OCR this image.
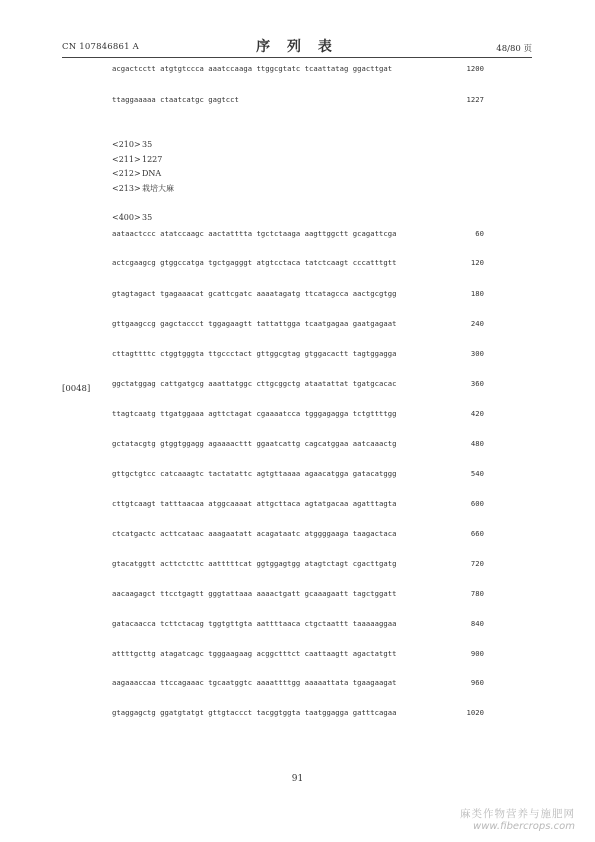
CN 107846861 A	序 列 表	48/80 页
acgactcctt atgtgtccca aaatccaaga ttggcgtatc tcaattatag ggacttgat	1200
ttaggaaaaa ctaatcatgc gagtcct	1227
<210>35
<211>1227
<212>DNA
<213>栽培大麻
<400>35
aataactccc atatccaagc aactatttta tgctctaaga aagttggctt gcagattcga	60
actcgaagcg gtggccatga tgctgagggt atgtcctaca tatctcaagt cccatttgtt	120
gtagtagact tgagaaacat gcattcgatc aaaatagatg ttcatagcca aactgcgtgg	180
gttgaagccg gagctaccct tggagaagtt tattattgga tcaatgagaa gaatgagaat	240
cttagttttc ctggtgggta ttgccctact gttggcgtag gtggacactt tagtggagga	300
ggctatggag cattgatgcg aaattatggc cttgcggctg ataatattat tgatgcacac	360
ttagtcaatg ttgatggaaa agttctagat cgaaaatcca tgggagagga tctgttttgg	420
gctatacgtg gtggtggagg agaaaacttt ggaatcattg cagcatggaa aatcaaactg	480
gttgctgtcc catcaaagtc tactatattc agtgttaaaa agaacatgga gatacatggg	540
cttgtcaagt tatttaacaa atggcaaaat attgcttaca agtatgacaa agatttagta	600
ctcatgactc acttcataac aaagaatatt acagataatc atggggaaga taagactaca	660
gtacatggtt acttctcttc aatttttcat ggtggagtgg atagtctagt cgacttgatg	720
aacaagagct ttcctgagtt gggtattaaa aaaactgatt gcaaagaatt tagctggatt	780
gatacaacca tcttctacag tggtgttgta aattttaaca ctgctaattt taaaaaggaa	840
attttgcttg atagatcagc tgggaagaag acggctttct caattaagtt agactatgtt	900
aagaaaccaa ttccagaaac tgcaatggtc aaaattttgg aaaaattata tgaagaagat	960
gtaggagctg ggatgtatgt gttgtaccct tacggtggta taatggagga gatttcagaa	1020
[0048]
91
麻类作物营养与施肥网
www.fibercrops.com
